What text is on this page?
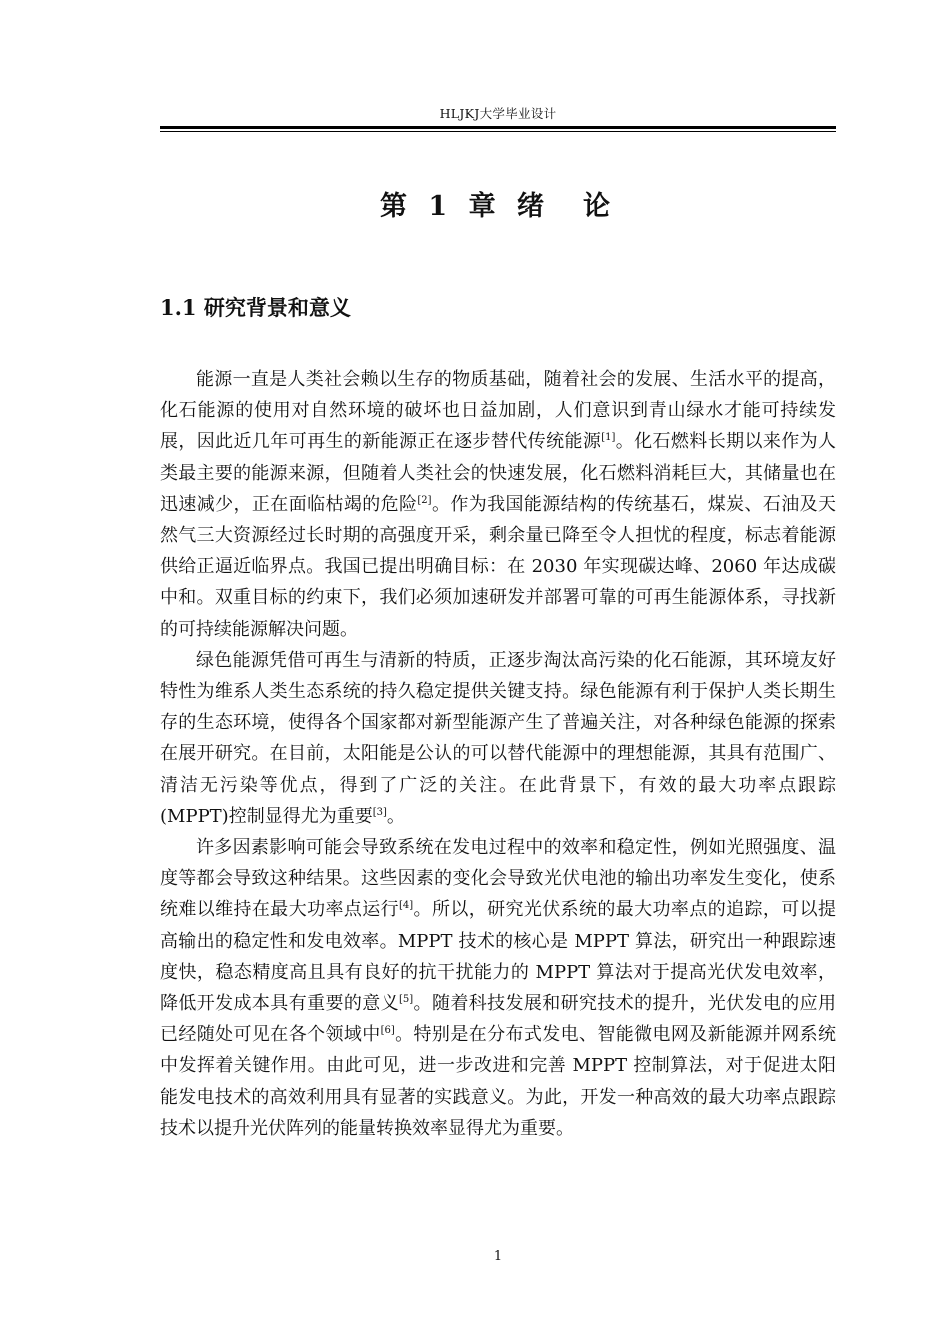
HLJKJ大学毕业设计
第 1 章 绪　论
1.1 研究背景和意义

能源一直是人类社会赖以生存的物质基础，随着社会的发展、生活水平的提高，化石能源的使用对自然环境的破坏也日益加剧，人们意识到青山绿水才能可持续发展，因此近几年可再生的新能源正在逐步替代传统能源[1]。化石燃料长期以来作为人类最主要的能源来源，但随着人类社会的快速发展，化石燃料消耗巨大，其储量也在迅速减少，正在面临枯竭的危险[2]。作为我国能源结构的传统基石，煤炭、石油及天然气三大资源经过长时期的高强度开采，剩余量已降至令人担忧的程度，标志着能源供给正逼近临界点。我国已提出明确目标：在 2030 年实现碳达峰、2060 年达成碳中和。双重目标的约束下，我们必须加速研发并部署可靠的可再生能源体系，寻找新的可持续能源解决问题。

绿色能源凭借可再生与清新的特质，正逐步淘汰高污染的化石能源，其环境友好特性为维系人类生态系统的持久稳定提供关键支持。绿色能源有利于保护人类长期生存的生态环境，使得各个国家都对新型能源产生了普遍关注，对各种绿色能源的探索在展开研究。在目前，太阳能是公认的可以替代能源中的理想能源，其具有范围广、清洁无污染等优点，得到了广泛的关注。在此背景下，有效的最大功率点跟踪(MPPT)控制显得尤为重要[3]。

许多因素影响可能会导致系统在发电过程中的效率和稳定性，例如光照强度、温度等都会导致这种结果。这些因素的变化会导致光伏电池的输出功率发生变化，使系统难以维持在最大功率点运行[4]。所以，研究光伏系统的最大功率点的追踪，可以提高输出的稳定性和发电效率。MPPT 技术的核心是 MPPT 算法，研究出一种跟踪速度快，稳态精度高且具有良好的抗干扰能力的 MPPT 算法对于提高光伏发电效率，降低开发成本具有重要的意义[5]。随着科技发展和研究技术的提升，光伏发电的应用已经随处可见在各个领域中[6]。特别是在分布式发电、智能微电网及新能源并网系统中发挥着关键作用。由此可见，进一步改进和完善 MPPT 控制算法，对于促进太阳能发电技术的高效利用具有显著的实践意义。为此，开发一种高效的最大功率点跟踪技术以提升光伏阵列的能量转换效率显得尤为重要。

1
